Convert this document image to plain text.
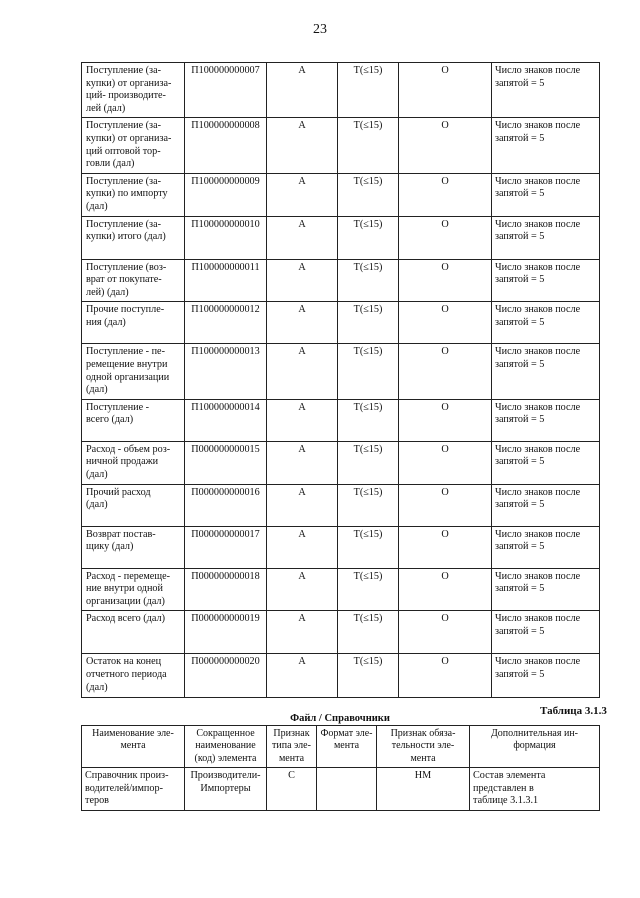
23
Поступление (за-
купки) от организа-
ций- производите-
лей (дал)	П100000000007	А	Т(≤15)	О	Число знаков после
запятой = 5
Поступление (за-
купки) от организа-
ций оптовой тор-
говли (дал)	П100000000008	А	Т(≤15)	О	Число знаков после
запятой = 5
Поступление (за-
купки) по импорту
(дал)	П100000000009	А	Т(≤15)	О	Число знаков после
запятой = 5
Поступление (за-
купки) итого (дал)	П100000000010	А	Т(≤15)	О	Число знаков после
запятой = 5
Поступление (воз-
врат от покупате-
лей) (дал)	П100000000011	А	Т(≤15)	О	Число знаков после
запятой = 5
Прочие поступле-
ния (дал)	П100000000012	А	Т(≤15)	О	Число знаков после
запятой = 5
Поступление - пе-
ремещение внутри
одной организации
(дал)	П100000000013	А	Т(≤15)	О	Число знаков после
запятой = 5
Поступление -
всего (дал)	П100000000014	А	Т(≤15)	О	Число знаков после
запятой = 5
Расход - объем роз-
ничной продажи
(дал)	П000000000015	А	Т(≤15)	О	Число знаков после
запятой = 5
Прочий расход
(дал)	П000000000016	А	Т(≤15)	О	Число знаков после
запятой = 5
Возврат постав-
щику (дал)	П000000000017	А	Т(≤15)	О	Число знаков после
запятой = 5
Расход - перемеще-
ние внутри одной
организации (дал)	П000000000018	А	Т(≤15)	О	Число знаков после
запятой = 5
Расход всего (дал)	П000000000019	А	Т(≤15)	О	Число знаков после
запятой = 5
Остаток на конец
отчетного периода
(дал)	П000000000020	А	Т(≤15)	О	Число знаков после
запятой = 5
Таблица 3.1.3
Файл / Справочники
Наименование эле-
мента	Сокращенное
наименование
(код) элемента	Признак
типа эле-
мента	Формат эле-
мента	Признак обяза-
тельности эле-
мента	Дополнительная ин-
формация
Справочник произ-
водителей/импор-
теров	Производители-
Импортеры	С		НМ	Состав элемента
представлен в
таблице 3.1.3.1
